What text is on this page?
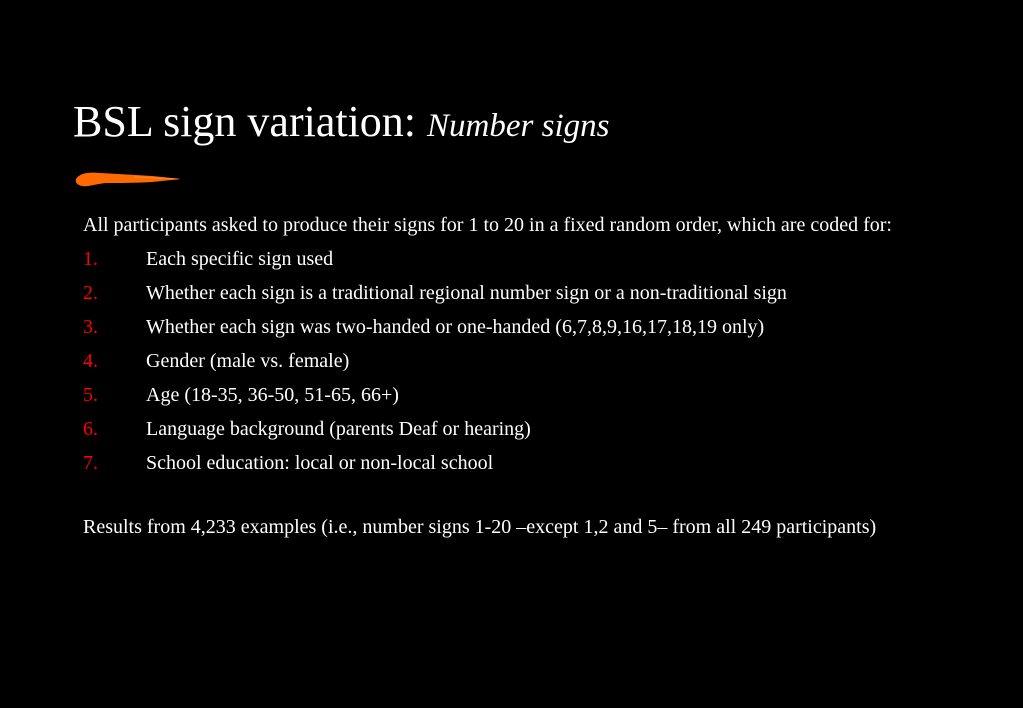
BSL sign variation: Number signs

All participants asked to produce their signs for 1 to 20 in a fixed random order, which are coded for:

1. Each specific sign used
2. Whether each sign is a traditional regional number sign or a non-traditional sign
3. Whether each sign was two-handed or one-handed (6,7,8,9,16,17,18,19 only)
4. Gender (male vs. female)
5. Age (18-35, 36-50, 51-65, 66+)
6. Language background (parents Deaf or hearing)
7. School education: local or non-local school

Results from 4,233 examples (i.e., number signs 1-20 –except 1,2 and 5– from all 249 participants)
